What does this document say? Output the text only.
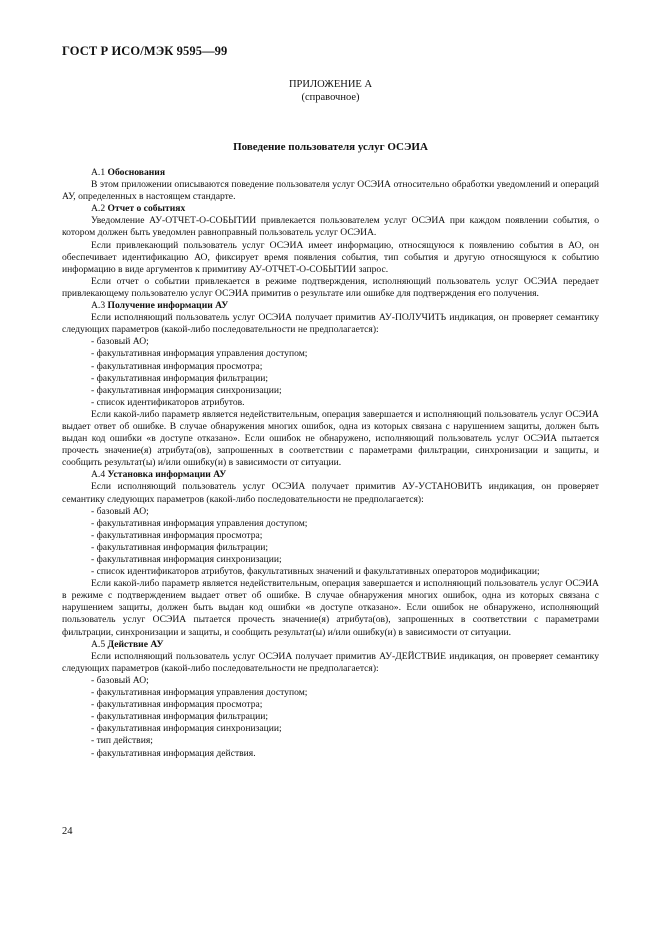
ГОСТ Р ИСО/МЭК 9595—99
ПРИЛОЖЕНИЕ А
(справочное)
Поведение пользователя услуг ОСЭИА

А.1 Обоснования

В этом приложении описываются поведение пользователя услуг ОСЭИА относительно обработки уведомлений и операций АУ, определенных в настоящем стандарте.

А.2 Отчет о событиях

Уведомление АУ-ОТЧЕТ-О-СОБЫТИИ привлекается пользователем услуг ОСЭИА при каждом появлении события, о котором должен быть уведомлен равноправный пользователь услуг ОСЭИА.

Если привлекающий пользователь услуг ОСЭИА имеет информацию, относящуюся к появлению события в АО, он обеспечивает идентификацию АО, фиксирует время появления события, тип события и другую относящуюся к событию информацию в виде аргументов к примитиву АУ-ОТЧЕТ-О-СОБЫТИИ запрос.

Если отчет о событии привлекается в режиме подтверждения, исполняющий пользователь услуг ОСЭИА передает привлекающему пользователю услуг ОСЭИА примитив о результате или ошибке для подтверждения его получения.

А.3 Получение информации АУ

Если исполняющий пользователь услуг ОСЭИА получает примитив АУ-ПОЛУЧИТЬ индикация, он проверяет семантику следующих параметров (какой-либо последовательности не предполагается):

- базовый АО;

- факультативная информация управления доступом;

- факультативная информация просмотра;

- факультативная информация фильтрации;

- факультативная информация синхронизации;

- список идентификаторов атрибутов.

Если какой-либо параметр является недействительным, операция завершается и исполняющий пользователь услуг ОСЭИА выдает ответ об ошибке. В случае обнаружения многих ошибок, одна из которых связана с нарушением защиты, должен быть выдан код ошибки «в доступе отказано». Если ошибок не обнаружено, исполняющий пользователь услуг ОСЭИА пытается прочесть значение(я) атрибута(ов), запрошенных в соответствии с параметрами фильтрации, синхронизации и защиты, и сообщить результат(ы) и/или ошибку(и) в зависимости от ситуации.

А.4 Установка информации АУ

Если исполняющий пользователь услуг ОСЭИА получает примитив АУ-УСТАНОВИТЬ индикация, он проверяет семантику следующих параметров (какой-либо последовательности не предполагается):

- базовый АО;

- факультативная информация управления доступом;

- факультативная информация просмотра;

- факультативная информация фильтрации;

- факультативная информация синхронизации;

- список идентификаторов атрибутов, факультативных значений и факультативных операторов модификации;

Если какой-либо параметр является недействительным, операция завершается и исполняющий пользователь услуг ОСЭИА в режиме с подтверждением выдает ответ об ошибке. В случае обнаружения многих ошибок, одна из которых связана с нарушением защиты, должен быть выдан код ошибки «в доступе отказано». Если ошибок не обнаружено, исполняющий пользователь услуг ОСЭИА пытается прочесть значение(я) атрибута(ов), запрошенных в соответствии с параметрами фильтрации, синхронизации и защиты, и сообщить результат(ы) и/или ошибку(и) в зависимости от ситуации.

А.5 Действие АУ

Если исполняющий пользователь услуг ОСЭИА получает примитив АУ-ДЕЙСТВИЕ индикация, он проверяет семантику следующих параметров (какой-либо последовательности не предполагается):

- базовый АО;

- факультативная информация управления доступом;

- факультативная информация просмотра;

- факультативная информация фильтрации;

- факультативная информация синхронизации;

- тип действия;

- факультативная информация действия.

24
